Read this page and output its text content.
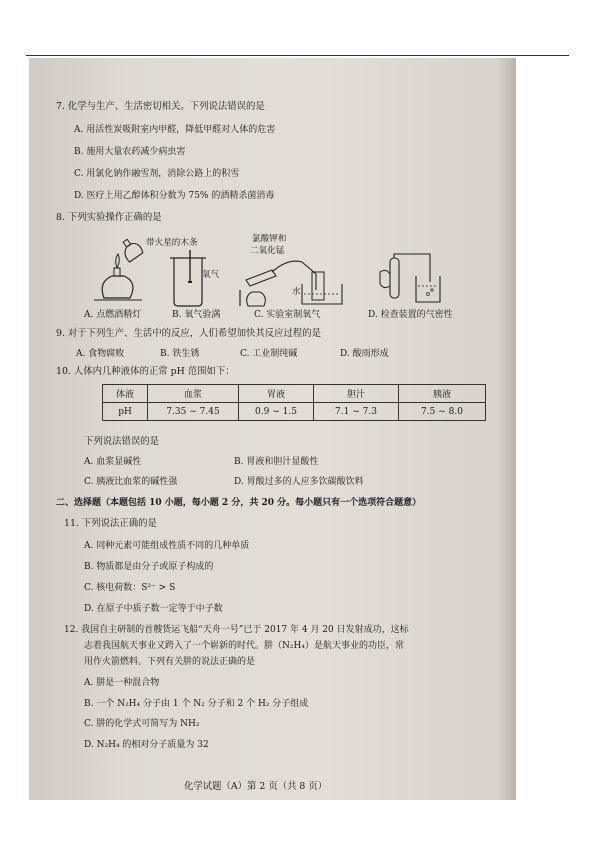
7. 化学与生产、生活密切相关。下列说法错误的是
A. 用活性炭吸附室内甲醛，降低甲醛对人体的危害
B. 施用大量农药减少病虫害
C. 用氯化钠作融雪剂，消除公路上的积雪
D. 医疗上用乙醇体积分数为 75% 的酒精杀菌消毒
8. 下列实验操作正确的是
带火星的木条
氧气
氯酸钾和
二氧化锰
水
A. 点燃酒精灯	B. 氧气验满	C. 实验室制氧气	D. 检查装置的气密性
9. 对于下列生产、生活中的反应，人们希望加快其反应过程的是
A. 食物腐败	B. 铁生锈	C. 工业制纯碱	D. 酸雨形成
10. 人体内几种液体的正常 pH 范围如下：
体液	血浆	胃液	胆汁	胰液
pH	7.35 ~ 7.45	0.9 ~ 1.5	7.1 ~ 7.3	7.5 ~ 8.0
下列说法错误的是
A. 血浆显碱性	B. 胃液和胆汁显酸性
C. 胰液比血浆的碱性强	D. 胃酸过多的人应多饮碳酸饮料
二、选择题（本题包括 10 小题，每小题 2 分，共 20 分。每小题只有一个选项符合题意）
11. 下列说法正确的是
A. 同种元素可能组成性质不同的几种单质
B. 物质都是由分子或原子构成的
C. 核电荷数：S²⁻ > S
D. 在原子中质子数一定等于中子数
12. 我国自主研制的首艘货运飞船“天舟一号”已于 2017 年 4 月 20 日发射成功，这标
志着我国航天事业又跨入了一个崭新的时代。肼（N₂H₄）是航天事业的功臣，常
用作火箭燃料。下列有关肼的说法正确的是
A. 肼是一种混合物
B. 一个 N₂H₄ 分子由 1 个 N₂ 分子和 2 个 H₂ 分子组成
C. 肼的化学式可简写为 NH₂
D. N₂H₄ 的相对分子质量为 32
化学试题（A）第 2 页（共 8 页）
